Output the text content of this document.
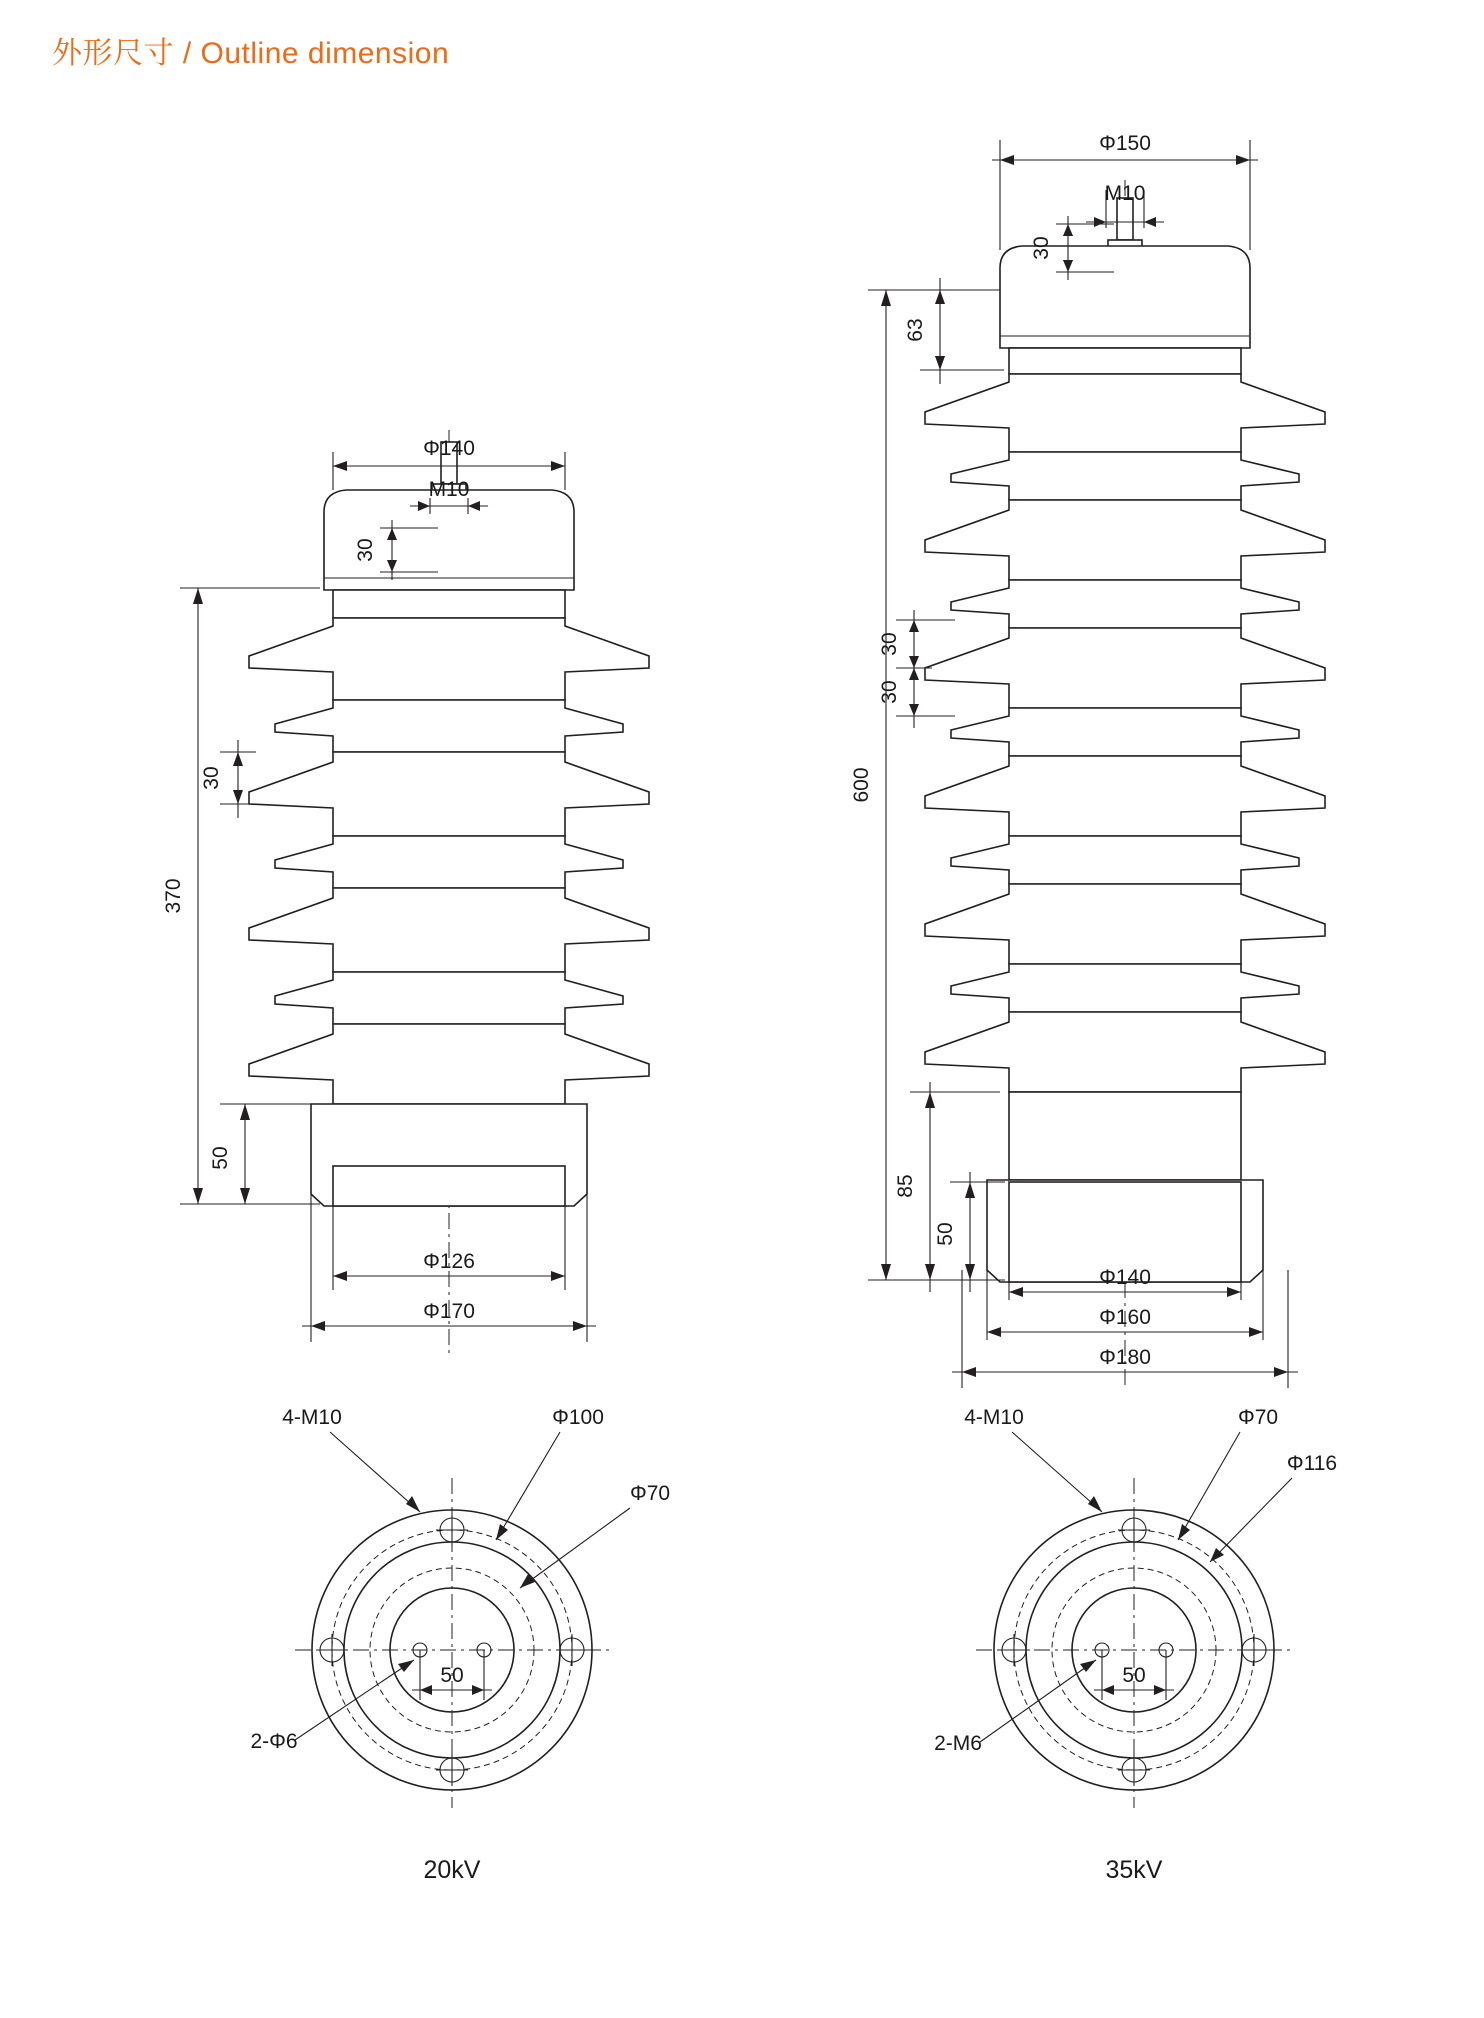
外形尺寸 / Outline dimension
Φ140
M10
30
30
370
50
Φ126
Φ170
Φ150
M10
30
63
30
30
600
85
50
Φ140
Φ160
Φ180
50
4-M10	Φ100
Φ70
2-Φ6
20kV
50
4-M10	Φ70
Φ116
2-M6
35kV
